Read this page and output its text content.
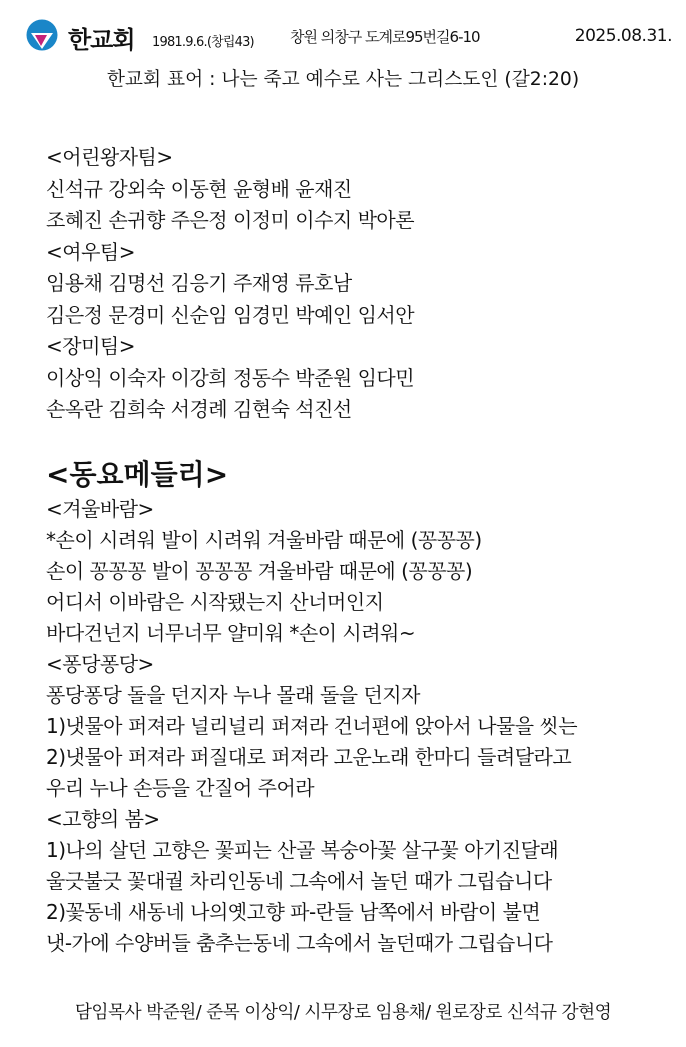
한교회 1981.9.6.(창립43) 창원 의창구 도계로95번길6-10	2025.08.31.
한교회 표어 : 나는 죽고 예수로 사는 그리스도인 (갈2:20)
<어린왕자팀>
신석규 강외숙 이동현 윤형배 윤재진
조혜진 손귀향 주은정 이정미 이수지 박아론
<여우팀>
임용채 김명선 김응기 주재영 류호남
김은정 문경미 신순임 임경민 박예인 임서안
<장미팀>
이상익 이숙자 이강희 정동수 박준원 임다민
손옥란 김희숙 서경례 김현숙 석진선
<동요메들리>
<겨울바람>
*손이 시려워 발이 시려워 겨울바람 때문에 (꽁꽁꽁)
손이 꽁꽁꽁 발이 꽁꽁꽁 겨울바람 때문에 (꽁꽁꽁)
어디서 이바람은 시작됐는지 산너머인지
바다건넌지 너무너무 얄미워 *손이 시려워~
<퐁당퐁당>
퐁당퐁당 돌을 던지자 누나 몰래 돌을 던지자
1)냇물아 퍼져라 널리널리 퍼져라 건너편에 앉아서 나물을 씻는
2)냇물아 퍼져라 퍼질대로 퍼져라 고운노래 한마디 들려달라고
우리 누나 손등을 간질어 주어라
<고향의 봄>
1)나의 살던 고향은 꽃피는 산골 복숭아꽃 살구꽃 아기진달래
울긋불긋 꽃대궐 차리인동네 그속에서 놀던 때가 그립습니다
2)꽃동네 새동네 나의옛고향 파-란들 남쪽에서 바람이 불면
냇-가에 수양버들 춤추는동네 그속에서 놀던때가 그립습니다
담임목사 박준원/ 준목 이상익/ 시무장로 임용채/ 원로장로 신석규 강현영
